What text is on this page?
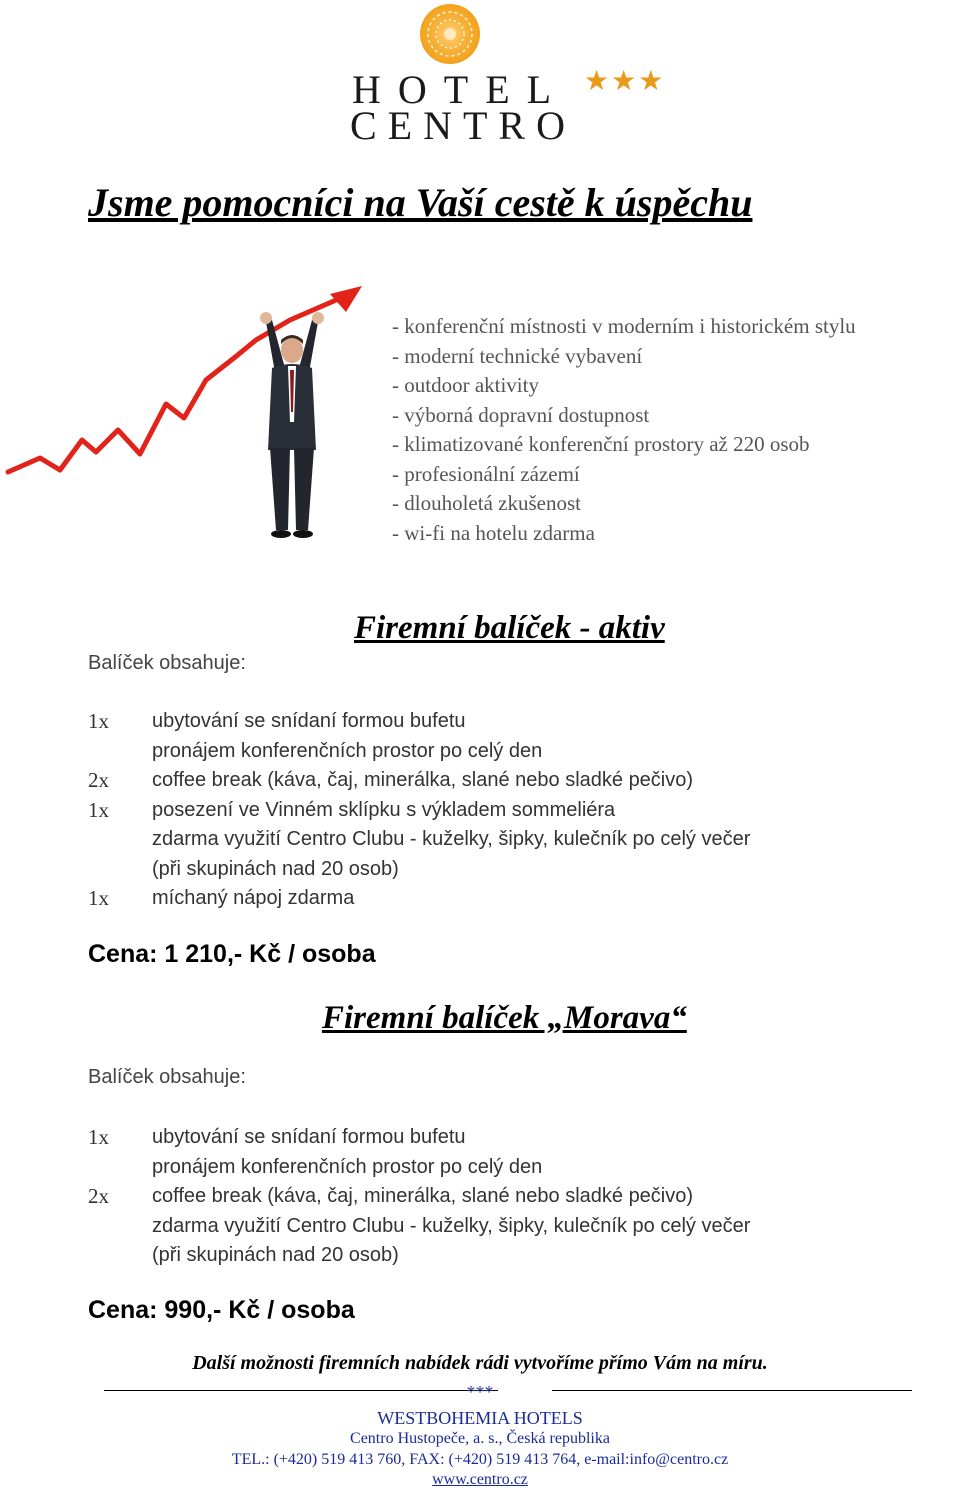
HOTEL
CENTRO
★★★
Jsme pomocníci na Vaší cestě k úspěchu
- konferenční místnosti v moderním i historickém stylu
- moderní technické vybavení
- outdoor aktivity
- výborná dopravní dostupnost
- klimatizované konferenční prostory až 220 osob
- profesionální zázemí
- dlouholetá zkušenost
- wi-fi na hotelu zdarma
Firemní balíček - aktiv
Balíček obsahuje:
1x	ubytování se snídaní formou bufetu
pronájem konferenčních prostor po celý den
2x	coffee break (káva, čaj, minerálka, slané nebo sladké pečivo)
1x	posezení ve Vinném sklípku s výkladem sommeliéra
zdarma využití Centro Clubu - kuželky, šipky, kulečník po celý večer
(při skupinách nad 20 osob)
1x	míchaný nápoj zdarma
Cena: 1 210,- Kč / osoba
Firemní balíček „Morava“
Balíček obsahuje:
1x	ubytování se snídaní formou bufetu
pronájem konferenčních prostor po celý den
2x	coffee break (káva, čaj, minerálka, slané nebo sladké pečivo)
zdarma využití Centro Clubu - kuželky, šipky, kulečník po celý večer
(při skupinách nad 20 osob)
Cena: 990,- Kč / osoba
Další možnosti firemních nabídek rádi vytvoříme přímo Vám na míru.
***
WESTBOHEMIA HOTELS
Centro Hustopeče, a. s., Česká republika
TEL.: (+420) 519 413 760, FAX: (+420) 519 413 764, e-mail:info@centro.cz
www.centro.cz
